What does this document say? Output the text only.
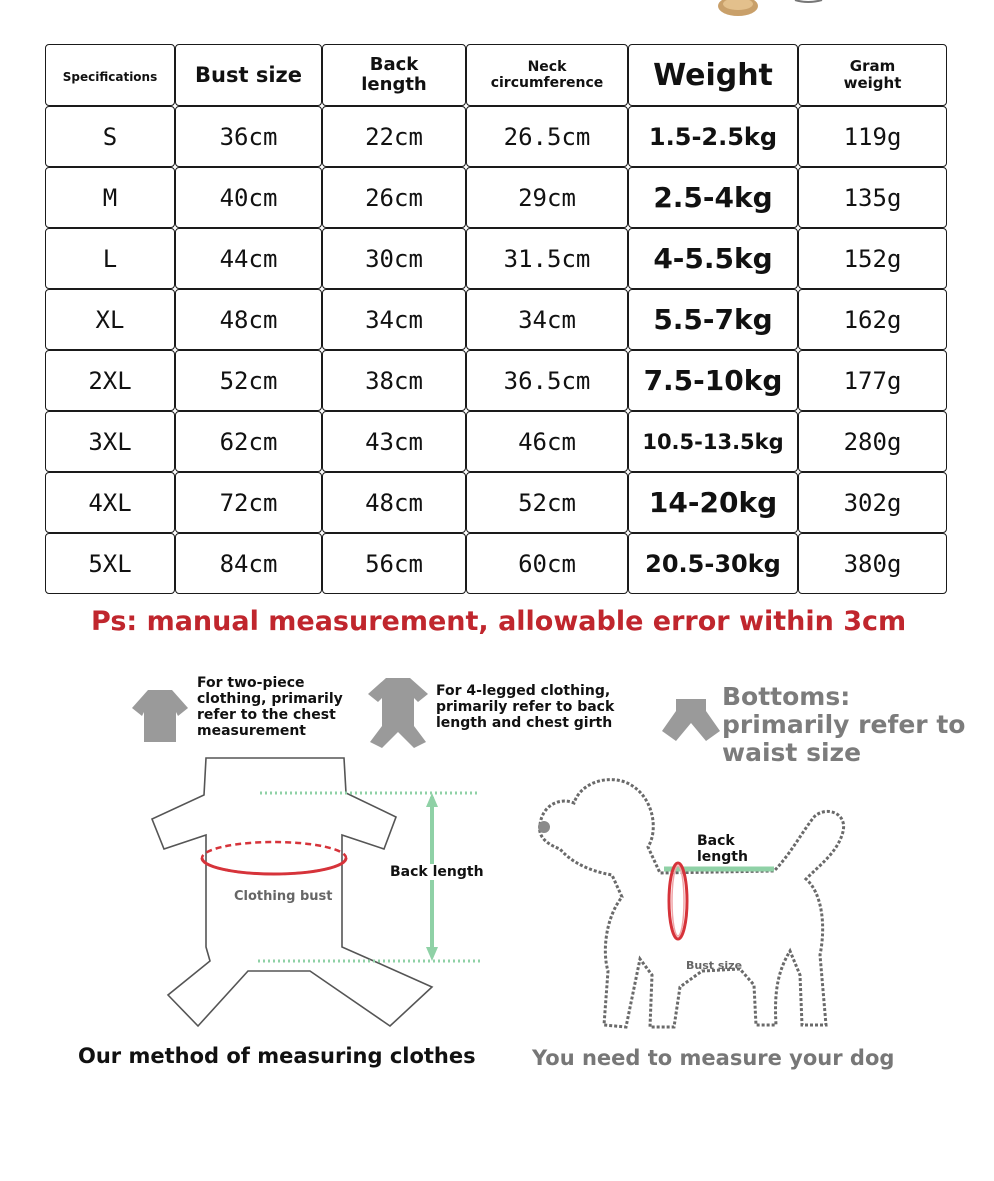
Specifications	Bust size	Back length	Neck circumference	Weight	Gram weight

S	36cm	22cm	26.5cm	1.5-2.5kg	119g
M	40cm	26cm	29cm	2.5-4kg	135g
L	44cm	30cm	31.5cm	4-5.5kg	152g
XL	48cm	34cm	34cm	5.5-7kg	162g
2XL	52cm	38cm	36.5cm	7.5-10kg	177g
3XL	62cm	43cm	46cm	10.5-13.5kg	280g
4XL	72cm	48cm	52cm	14-20kg	302g
5XL	84cm	56cm	60cm	20.5-30kg	380g
Ps: manual measurement, allowable error within 3cm
For two-piece clothing, primarily refer to the chest measurement
For 4-legged clothing, primarily refer to back length and chest girth
Bottoms: primarily refer to waist size
Clothing bust
Back length
Our method of measuring clothes
Back length
Bust size
You need to measure your dog
